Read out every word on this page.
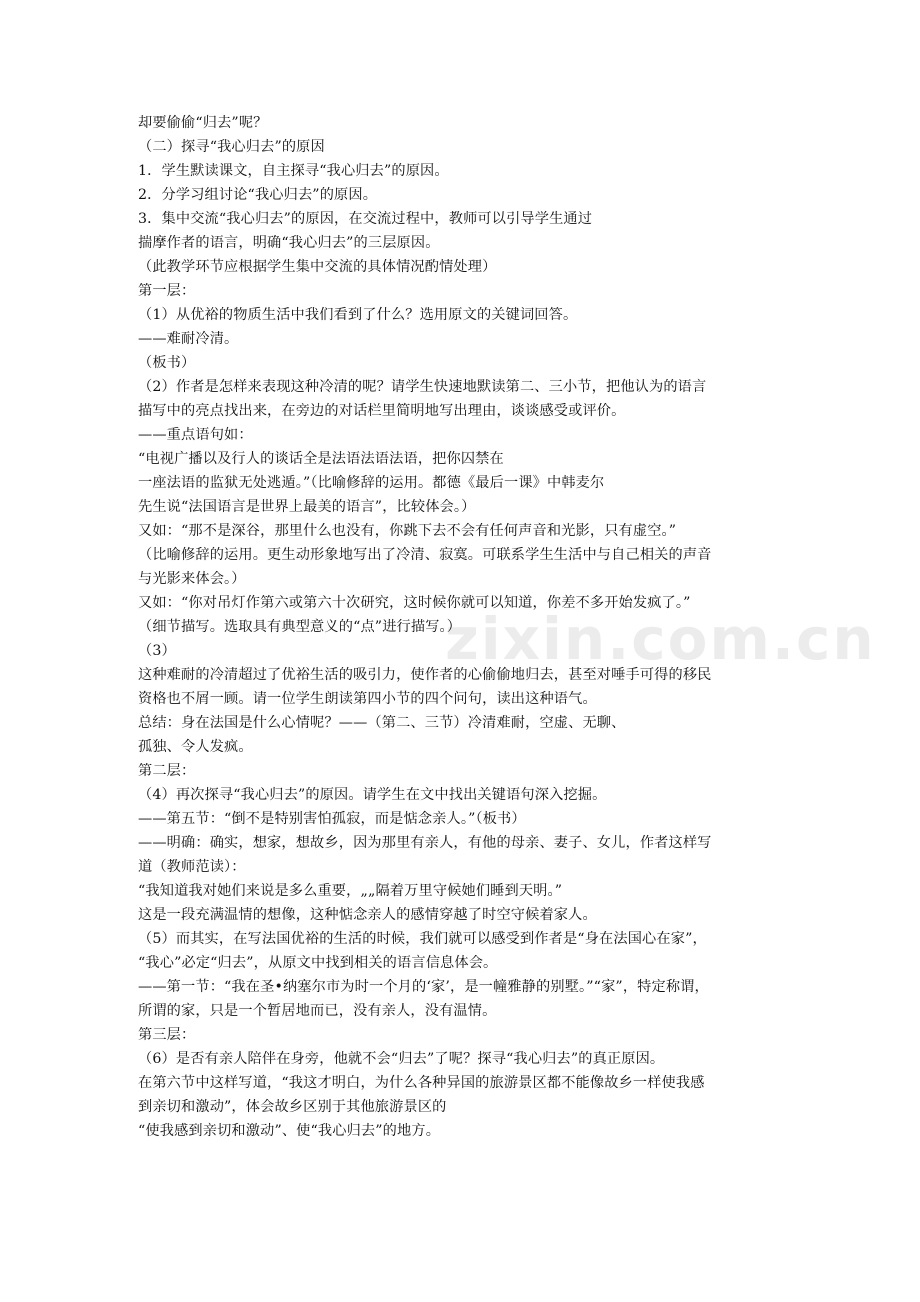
zixin.com.cn
却要偷偷“归去”呢？
（二）探寻“我心归去”的原因
1．学生默读课文，自主探寻“我心归去”的原因。
2．分学习组讨论“我心归去”的原因。
3．集中交流“我心归去”的原因，在交流过程中，教师可以引导学生通过
揣摩作者的语言，明确“我心归去”的三层原因。
（此教学环节应根据学生集中交流的具体情况酌情处理）
第一层：
（1）从优裕的物质生活中我们看到了什么？选用原文的关键词回答。
——难耐冷清。
（板书）
（2）作者是怎样来表现这种冷清的呢？请学生快速地默读第二、三小节，把他认为的语言
描写中的亮点找出来，在旁边的对话栏里简明地写出理由，谈谈感受或评价。
——重点语句如：
“电视广播以及行人的谈话全是法语法语法语，把你囚禁在
一座法语的监狱无处逃遁。”（比喻修辞的运用。都德《最后一课》中韩麦尔
先生说“法国语言是世界上最美的语言”，比较体会。）
又如：“那不是深谷，那里什么也没有，你跳下去不会有任何声音和光影，只有虚空。”
（比喻修辞的运用。更生动形象地写出了冷清、寂寞。可联系学生生活中与自己相关的声音
与光影来体会。）
又如：“你对吊灯作第六或第六十次研究，这时候你就可以知道，你差不多开始发疯了。”
（细节描写。选取具有典型意义的“点”进行描写。）
（3）
这种难耐的冷清超过了优裕生活的吸引力，使作者的心偷偷地归去，甚至对唾手可得的移民
资格也不屑一顾。请一位学生朗读第四小节的四个问句，读出这种语气。
总结：身在法国是什么心情呢？——（第二、三节）冷清难耐，空虚、无聊、
孤独、令人发疯。
第二层：
（4）再次探寻“我心归去”的原因。请学生在文中找出关键语句深入挖掘。
——第五节：“倒不是特别害怕孤寂，而是惦念亲人。”（板书）
——明确：确实，想家，想故乡，因为那里有亲人，有他的母亲、妻子、女儿，作者这样写
道（教师范读）：
“我知道我对她们来说是多么重要，„„隔着万里守候她们睡到天明。”
这是一段充满温情的想像，这种惦念亲人的感情穿越了时空守候着家人。
（5）而其实，在写法国优裕的生活的时候，我们就可以感受到作者是“身在法国心在家”，
“我心”必定“归去”，从原文中找到相关的语言信息体会。
——第一节：“我在圣•纳塞尔市为时一个月的‘家’，是一幢雅静的别墅。”“家”，特定称谓，
所谓的家，只是一个暂居地而已，没有亲人，没有温情。
第三层：
（6）是否有亲人陪伴在身旁，他就不会“归去”了呢？探寻“我心归去”的真正原因。
在第六节中这样写道，“我这才明白，为什么各种异国的旅游景区都不能像故乡一样使我感
到亲切和激动”，体会故乡区别于其他旅游景区的
“使我感到亲切和激动”、使“我心归去”的地方。
